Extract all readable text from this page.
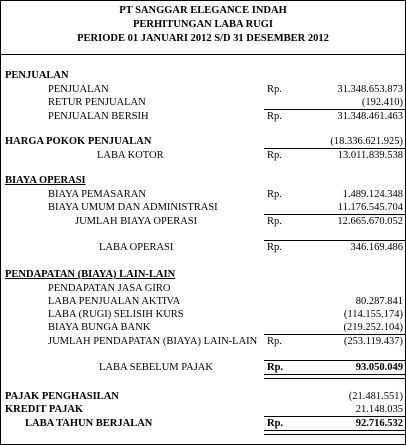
PT SANGGAR ELEGANCE INDAH
PERHITUNGAN LABA RUGI
PERIODE 01 JANUARI 2012 S/D 31 DESEMBER 2012
PENJUALAN
PENJUALAN	Rp.	31.348.653.873
RETUR PENJUALAN	(192.410)
PENJUALAN BERSIH	Rp.	31.348.461.463
HARGA POKOK PENJUALAN	(18.336.621.925)
LABA KOTOR	Rp.	13.011.839.538
BIAYA OPERASI
BIAYA PEMASARAN	Rp.	1.489.124.348
BIAYA UMUM DAN ADMINISTRASI	11.176.545.704
JUMLAH BIAYA OPERASI	Rp.	12.665.670.052
LABA OPERASI	Rp.	346.169.486
PENDAPATAN (BIAYA) LAIN-LAIN
PENDAPATAN JASA GIRO
LABA PENJUALAN AKTIVA	80.287.841
LABA (RUGI) SELISIH KURS	(114.155.174)
BIAYA BUNGA BANK	(219.252.104)
JUMLAH PENDAPATAN (BIAYA) LAIN-LAIN Rp.	(253.119.437)
LABA SEBELUM PAJAK	Rp.	93.050.049
PAJAK PENGHASILAN	(21.481.551)
KREDIT PAJAK	21.148.035
LABA TAHUN BERJALAN	Rp.	92.716.532
